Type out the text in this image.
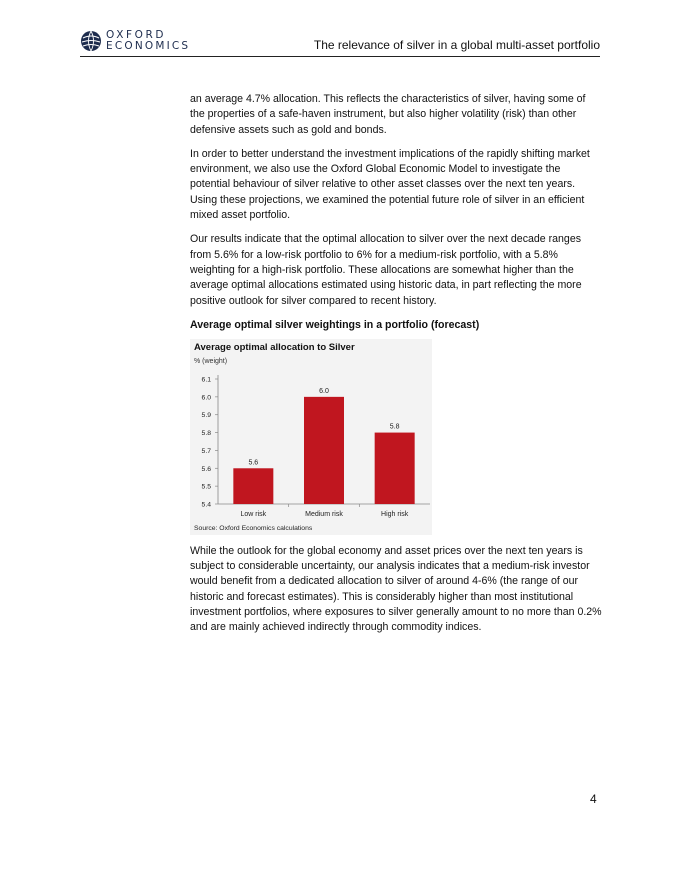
OXFORD
ECONOMICS	The relevance of silver in a global multi-asset portfolio

an average 4.7% allocation. This reflects the characteristics of silver, having some of the properties of a safe-haven instrument, but also higher volatility (risk) than other defensive assets such as gold and bonds.

In order to better understand the investment implications of the rapidly shifting market environment, we also use the Oxford Global Economic Model to investigate the potential behaviour of silver relative to other asset classes over the next ten years. Using these projections, we examined the potential future role of silver in an efficient mixed asset portfolio.

Our results indicate that the optimal allocation to silver over the next decade ranges from 5.6% for a low-risk portfolio to 6% for a medium-risk portfolio, with a 5.8% weighting for a high-risk portfolio. These allocations are somewhat higher than the average optimal allocations estimated using historic data, in part reflecting the more positive outlook for silver compared to recent history.

Average optimal silver weightings in a portfolio (forecast)

Average optimal allocation to Silver
% (weight)
5.4
5.5
5.6
5.7
5.8
5.9
6.0
6.1
5.6
Low risk
6.0
Medium risk
5.8
High risk
Source: Oxford Economics calculations

While the outlook for the global economy and asset prices over the next ten years is subject to considerable uncertainty, our analysis indicates that a medium-risk investor would benefit from a dedicated allocation to silver of around 4-6% (the range of our historic and forecast estimates). This is considerably higher than most institutional investment portfolios, where exposures to silver generally amount to no more than 0.2% and are mainly achieved indirectly through commodity indices.

4
